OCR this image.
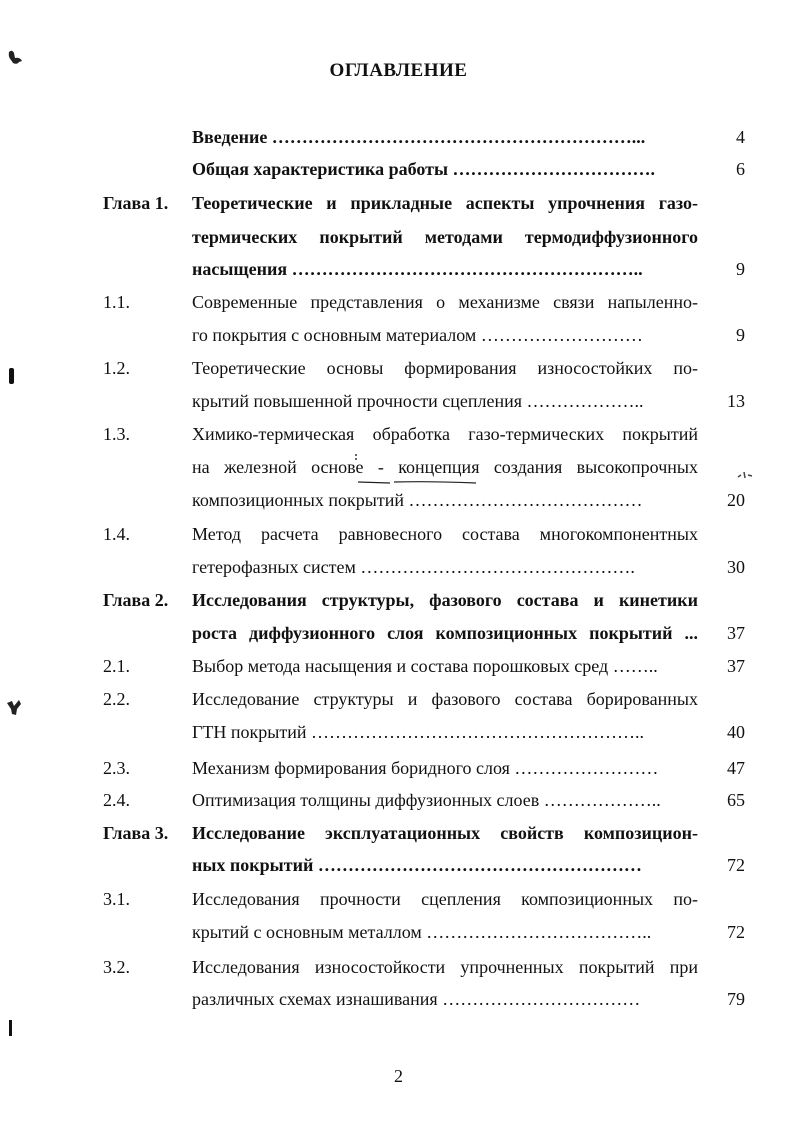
ОГЛАВЛЕНИЕ
Введение ……………………………………………………...	4
Общая характеристика работы …………………………….	6
Глава 1. Теоретические и прикладные аспекты упрочнения газо-
термических покрытий методами термодиффузионного
насыщения …………………………………………………..	9
1.1.	Современные представления о механизме связи напыленно-
го покрытия с основным материалом ………………………	9
1.2.	Теоретические основы формирования износостойких по-
крытий повышенной прочности сцепления ………………..	13
1.3.	Химико-термическая обработка газо-термических покрытий
на железной основе - концепция создания высокопрочных
композиционных покрытий …………………………………	20
1.4.	Метод расчета равновесного состава многокомпонентных
гетерофазных систем ……………………………………….	30
Глава 2. Исследования структуры, фазового состава и кинетики
роста диффузионного слоя композиционных покрытий ...	37
2.1.	Выбор метода насыщения и состава порошковых сред ……..	37
2.2.	Исследование структуры и фазового состава борированных
ГТН покрытий ………………………………………………..	40
2.3.	Механизм формирования боридного слоя ……………………	47
2.4.	Оптимизация толщины диффузионных слоев ………………..	65
Глава 3. Исследование эксплуатационных свойств композицион-
ных покрытий ………………………………………………	72
3.1.	Исследования прочности сцепления композиционных по-
крытий с основным металлом ………………………………..	72
3.2.	Исследования износостойкости упрочненных покрытий при
различных схемах изнашивания ……………………………	79
2
